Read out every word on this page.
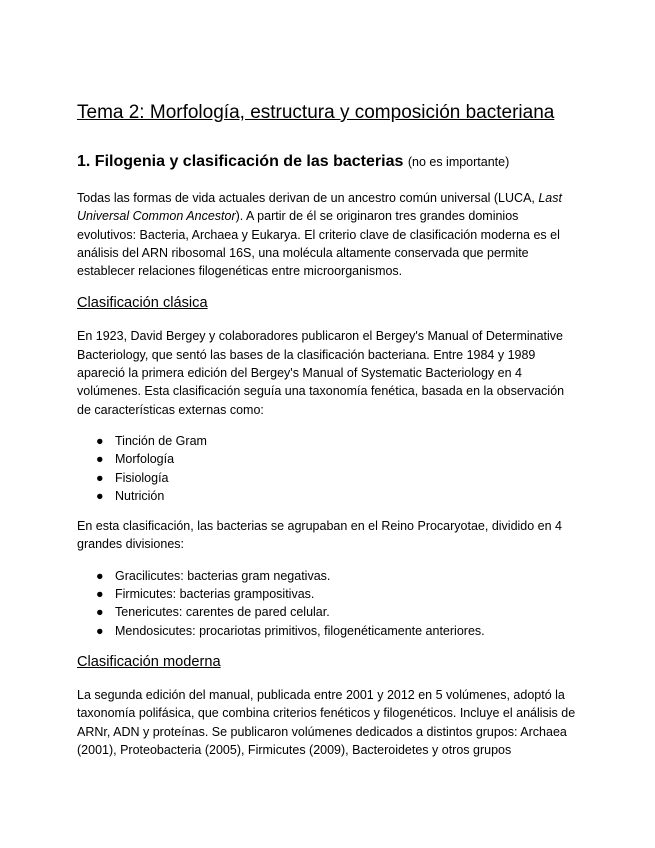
Tema 2: Morfología, estructura y composición bacteriana
1. Filogenia y clasificación de las bacterias (no es importante)

Todas las formas de vida actuales derivan de un ancestro común universal (LUCA, Last Universal Common Ancestor). A partir de él se originaron tres grandes dominios evolutivos: Bacteria, Archaea y Eukarya. El criterio clave de clasificación moderna es el análisis del ARN ribosomal 16S, una molécula altamente conservada que permite establecer relaciones filogenéticas entre microorganismos.

Clasificación clásica

En 1923, David Bergey y colaboradores publicaron el Bergey's Manual of Determinative Bacteriology, que sentó las bases de la clasificación bacteriana. Entre 1984 y 1989 apareció la primera edición del Bergey's Manual of Systematic Bacteriology en 4 volúmenes. Esta clasificación seguía una taxonomía fenética, basada en la observación de características externas como:

● Tinción de Gram
● Morfología
● Fisiología
● Nutrición

En esta clasificación, las bacterias se agrupaban en el Reino Procaryotae, dividido en 4 grandes divisiones:

● Gracilicutes: bacterias gram negativas.
● Firmicutes: bacterias grampositivas.
● Tenericutes: carentes de pared celular.
● Mendosicutes: procariotas primitivos, filogenéticamente anteriores.
Clasificación moderna

La segunda edición del manual, publicada entre 2001 y 2012 en 5 volúmenes, adoptó la taxonomía polifásica, que combina criterios fenéticos y filogenéticos. Incluye el análisis de ARNr, ADN y proteínas. Se publicaron volúmenes dedicados a distintos grupos: Archaea (2001), Proteobacteria (2005), Firmicutes (2009), Bacteroidetes y otros grupos
